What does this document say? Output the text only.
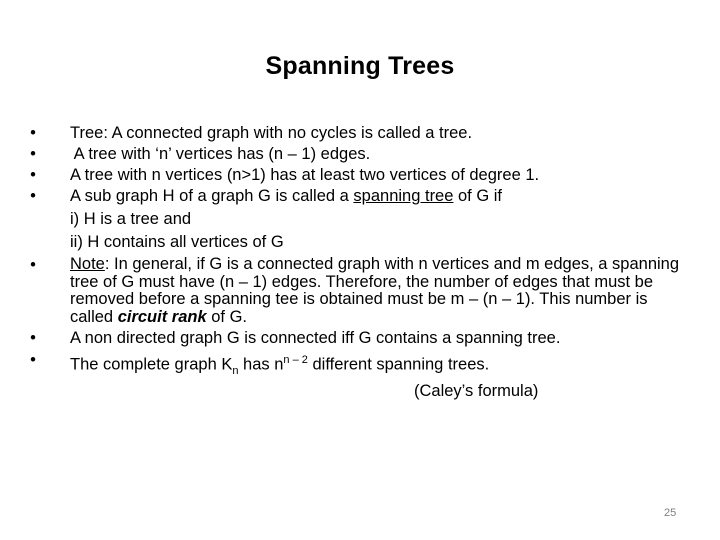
Spanning Trees
• Tree: A connected graph with no cycles is called a tree.
• A tree with ‘n’ vertices has (n – 1) edges.
• A tree with n vertices (n>1) has at least two vertices of degree 1.
• A sub graph H of a graph G is called a spanning tree of G if
i) H is a tree and
ii) H contains all vertices of G
• Note: In general, if G is a connected graph with n vertices and m edges, a spanning tree of G must have (n – 1) edges. Therefore, the number of edges that must be removed before a spanning tee is obtained must be m – (n – 1). This number is called circuit rank of G.
• A non directed graph G is connected iff G contains a spanning tree.
• The complete graph $K_n$ has $n^{n - 2}$ different spanning trees.
(Caley’s formula)
25
